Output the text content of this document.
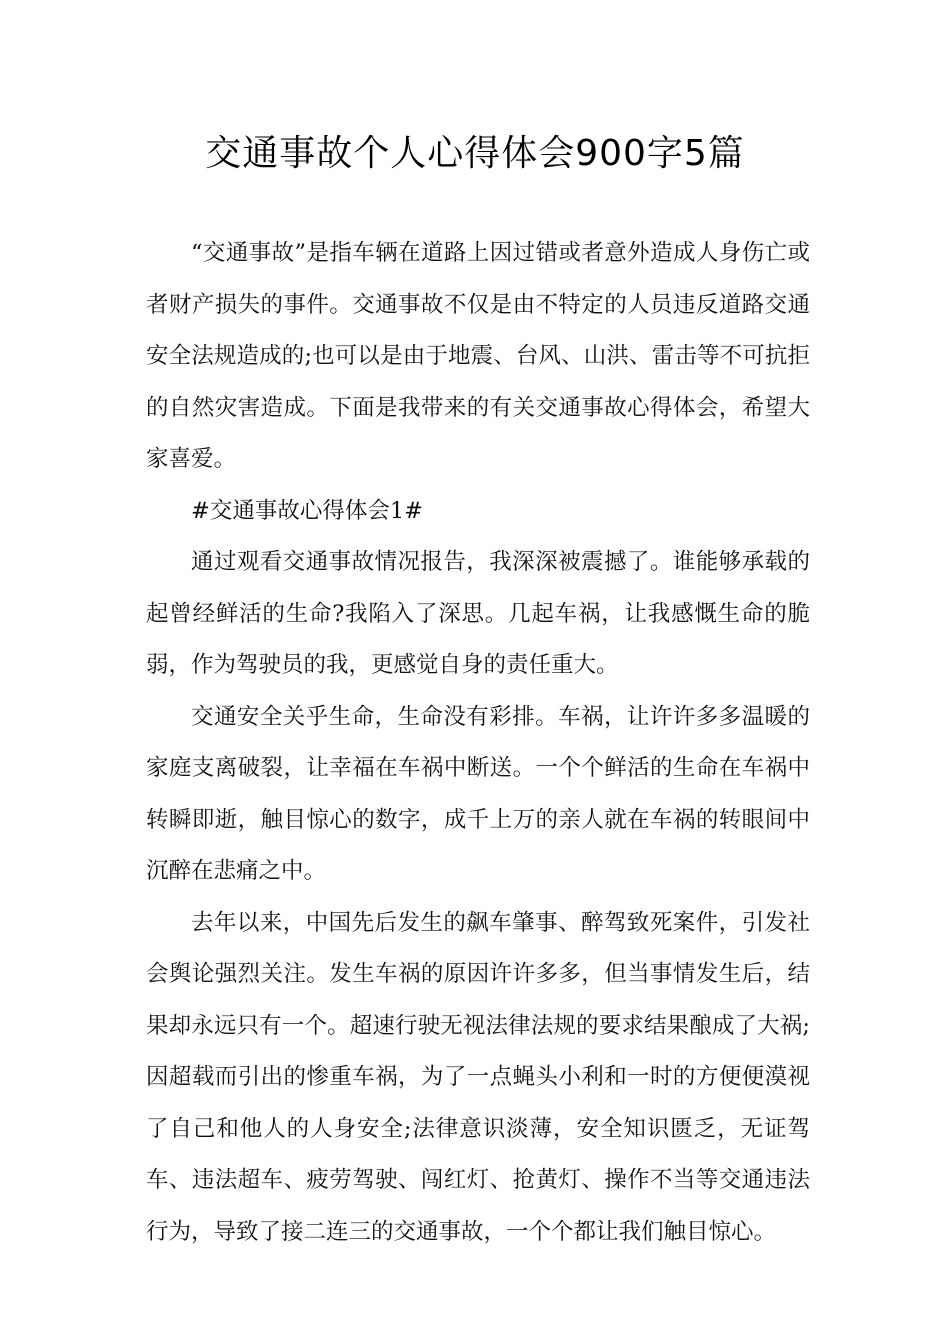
交通事故个人心得体会900字5篇

“交通事故”是指车辆在道路上因过错或者意外造成人身伤亡或者财产损失的事件。交通事故不仅是由不特定的人员违反道路交通安全法规造成的;也可以是由于地震、台风、山洪、雷击等不可抗拒的自然灾害造成。下面是我带来的有关交通事故心得体会，希望大家喜爱。

#交通事故心得体会1#

通过观看交通事故情况报告，我深深被震撼了。谁能够承载的起曾经鲜活的生命?我陷入了深思。几起车祸，让我感慨生命的脆弱，作为驾驶员的我，更感觉自身的责任重大。

交通安全关乎生命，生命没有彩排。车祸，让许许多多温暖的家庭支离破裂，让幸福在车祸中断送。一个个鲜活的生命在车祸中转瞬即逝，触目惊心的数字，成千上万的亲人就在车祸的转眼间中沉醉在悲痛之中。

去年以来，中国先后发生的飙车肇事、醉驾致死案件，引发社会舆论强烈关注。发生车祸的原因许许多多，但当事情发生后，结果却永远只有一个。超速行驶无视法律法规的要求结果酿成了大祸;因超载而引出的惨重车祸，为了一点蝇头小利和一时的方便便漠视了自己和他人的人身安全;法律意识淡薄，安全知识匮乏，无证驾车、违法超车、疲劳驾驶、闯红灯、抢黄灯、操作不当等交通违法行为，导致了接二连三的交通事故，一个个都让我们触目惊心。
